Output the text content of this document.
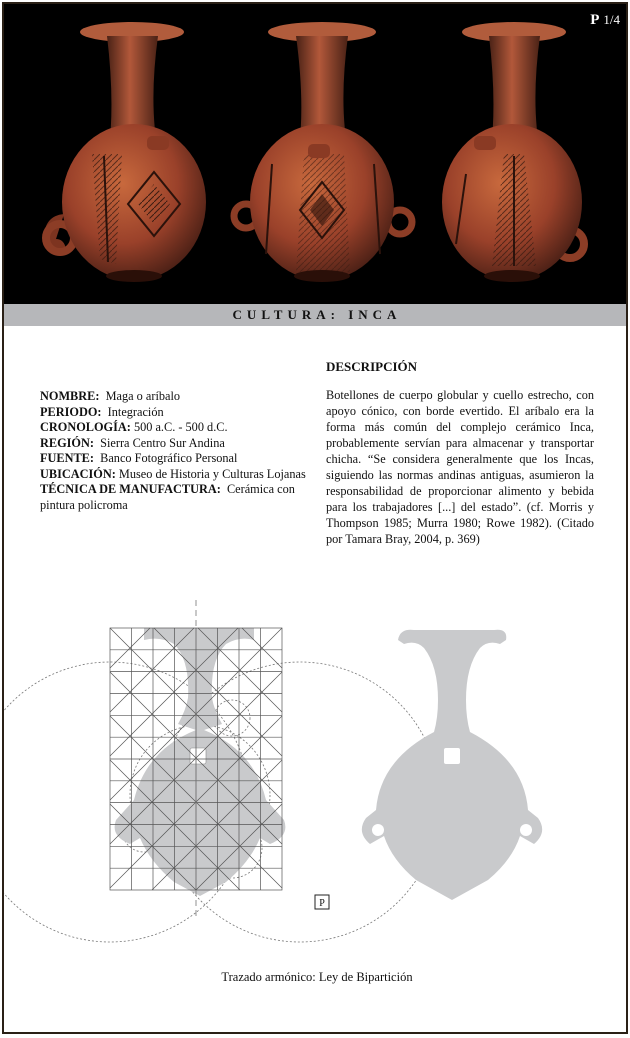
P 1/4
CULTURA: INCA
DESCRIPCIÓN
Botellones de cuerpo globular y cuello estrecho, con apoyo cónico, con borde evertido. El aríbalo era la forma más común del complejo cerámico Inca, probablemente servían para almacenar y transportar chicha. “Se considera generalmente que los Incas, siguiendo las normas andinas antiguas, asumieron la responsabilidad de proporcionar alimento y bebida para los trabajadores [...] del estado”. (cf. Morris y Thompson 1985; Murra 1980; Rowe 1982). (Citado por Tamara Bray, 2004, p. 369)
NOMBRE: Maga o aríbalo
PERIODO: Integración
CRONOLOGÍA: 500 a.C. - 500 d.C.
REGIÓN: Sierra Centro Sur Andina
FUENTE: Banco Fotográfico Personal
UBICACIÓN: Museo de Historia y Culturas Lojanas
TÉCNICA DE MANUFACTURA: Cerámica con pintura policroma
P
Trazado armónico: Ley de Bipartición
